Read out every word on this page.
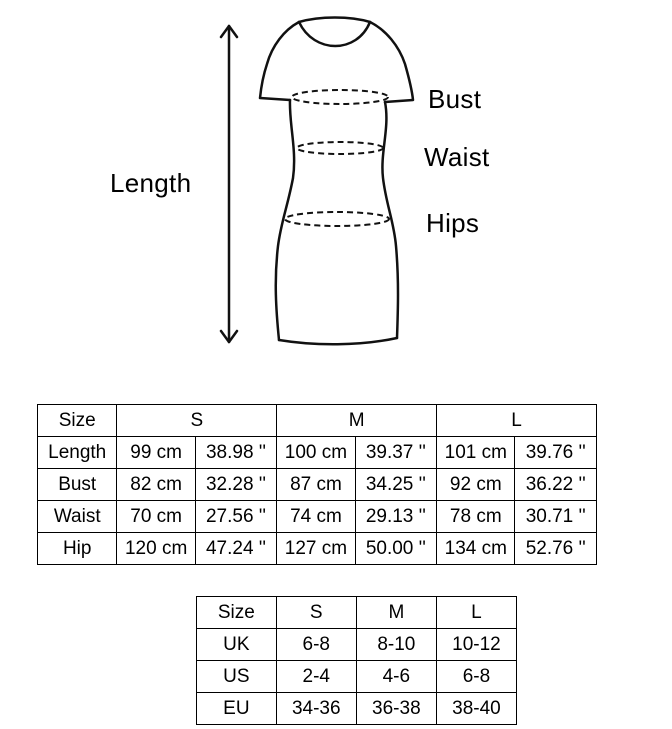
Length
Bust
Waist
Hips
Size	S		M		L	
Length	99 cm	38.98 ''	100 cm	39.37 ''	101 cm	39.76 ''
Bust	82 cm	32.28 ''	87 cm	34.25 ''	92 cm	36.22 ''
Waist	70 cm	27.56 ''	74 cm	29.13 ''	78 cm	30.71 ''
Hip	120 cm	47.24 ''	127 cm	50.00 ''	134 cm	52.76 ''
Size	S	M	L
UK	6-8	8-10	10-12
US	2-4	4-6	6-8
EU	34-36	36-38	38-40
